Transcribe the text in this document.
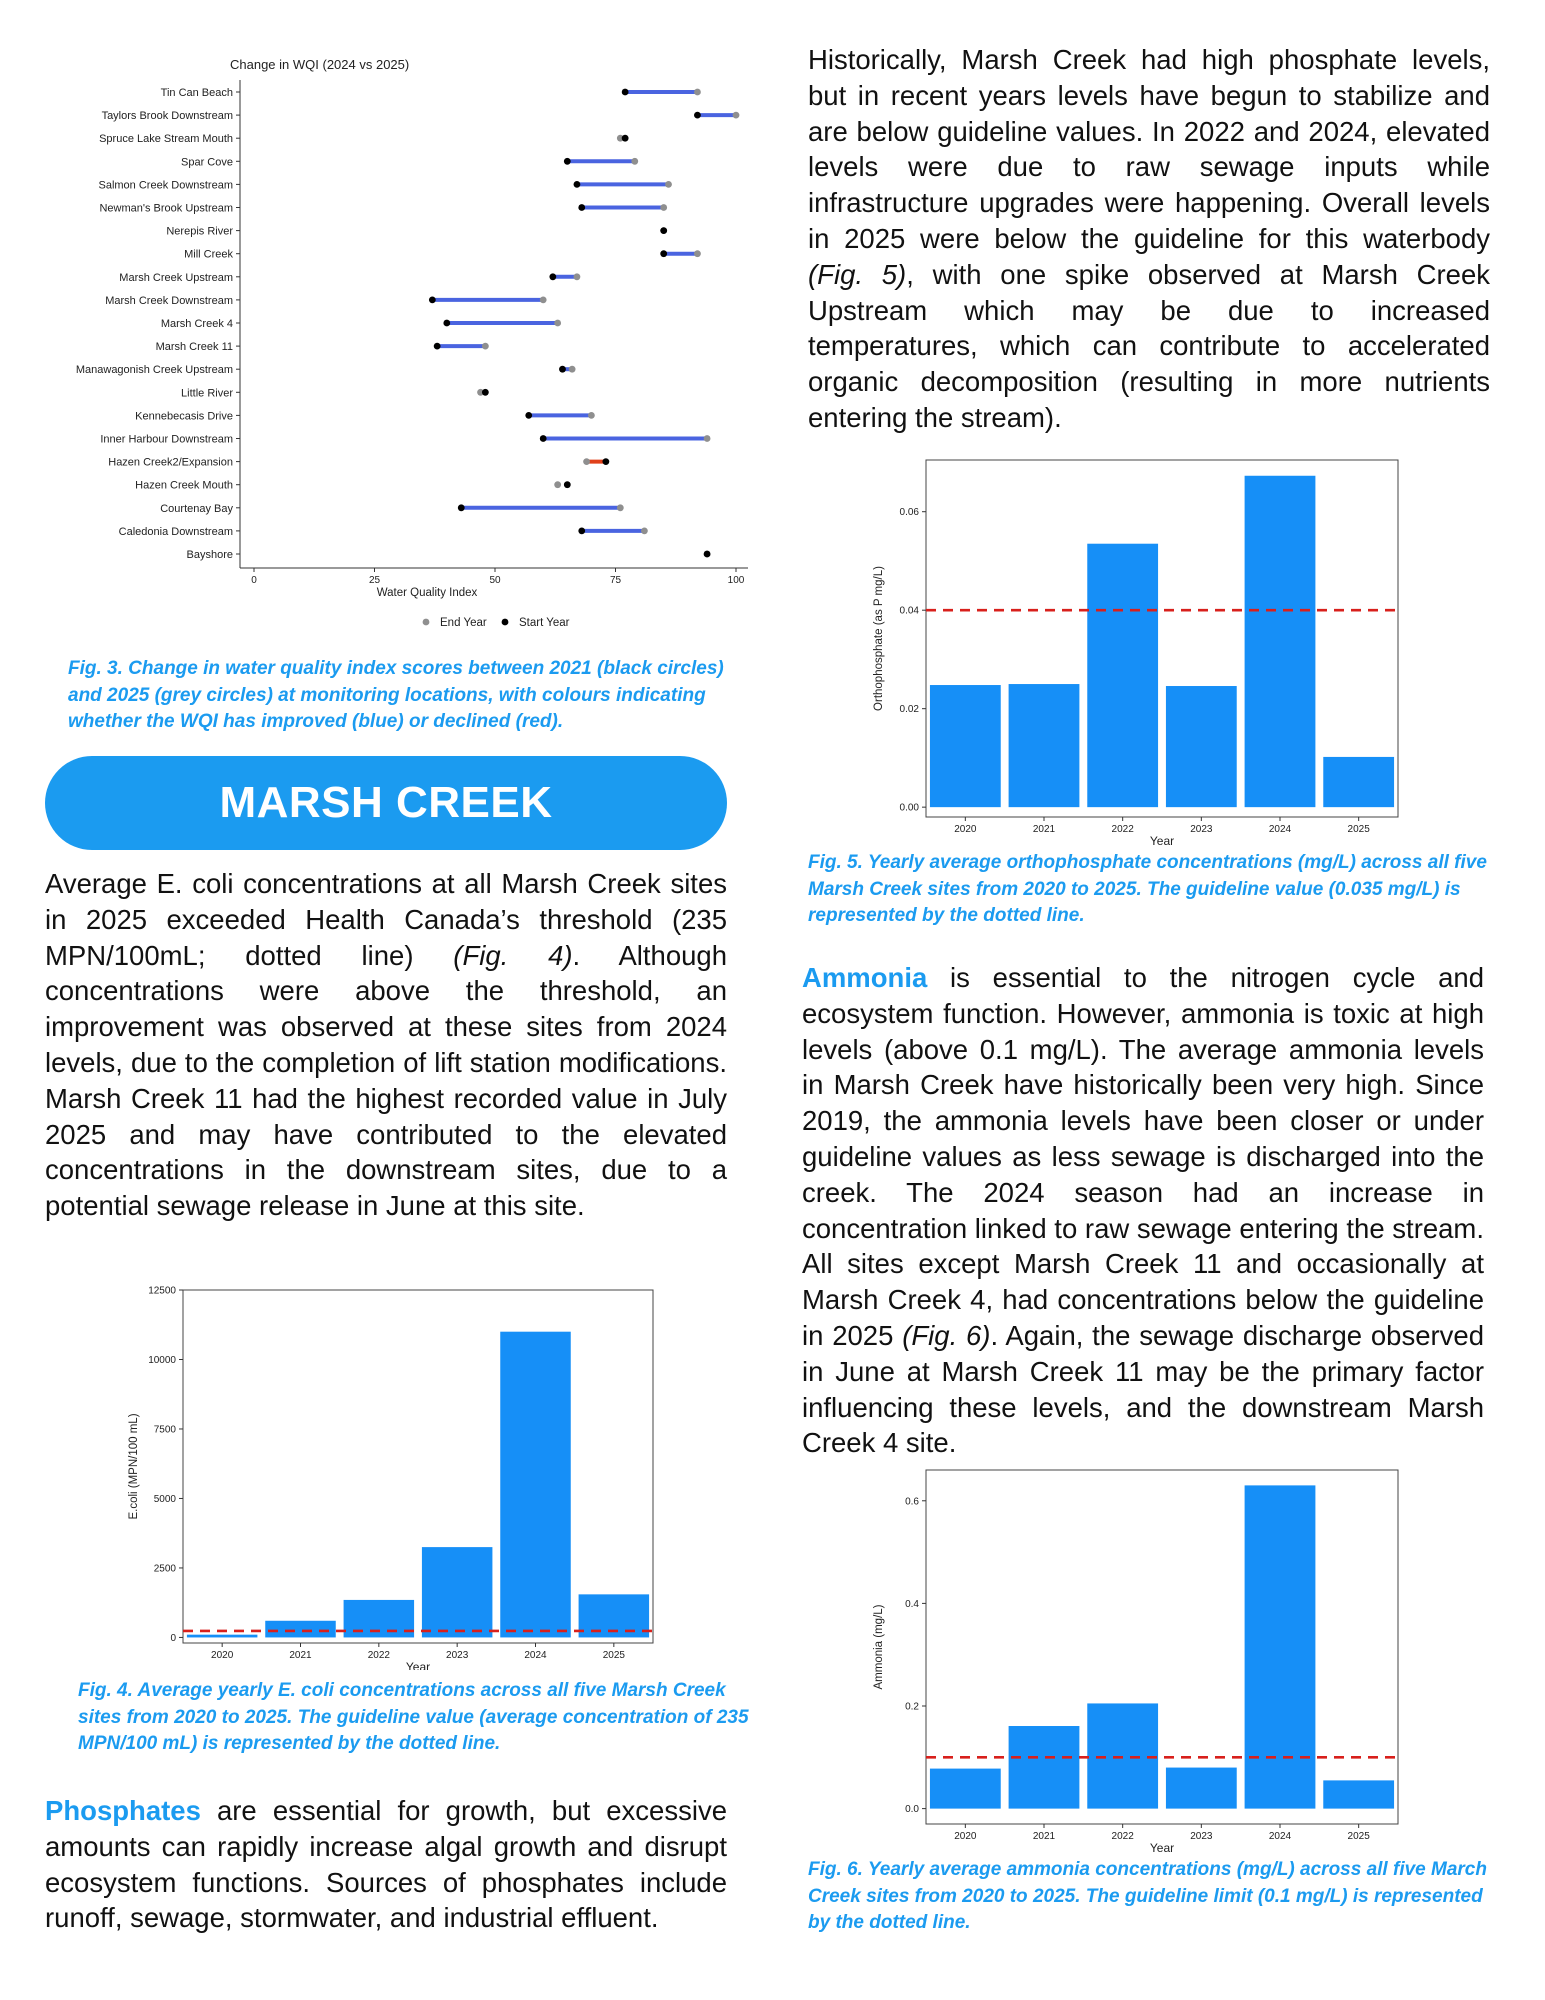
Change in WQI (2024 vs 2025)
Tin Can Beach
Taylors Brook Downstream
Spruce Lake Stream Mouth
Spar Cove
Salmon Creek Downstream
Newman's Brook Upstream
Nerepis River
Mill Creek
Marsh Creek Upstream
Marsh Creek Downstream
Marsh Creek 4
Marsh Creek 11
Manawagonish Creek Upstream
Little River
Kennebecasis Drive
Inner Harbour Downstream
Hazen Creek2/Expansion
Hazen Creek Mouth
Courtenay Bay
Caledonia Downstream
Bayshore
0	25	50	75	100
Water Quality Index
End Year	Start Year

Fig. 3. Change in water quality index scores between 2021 (black circles) and 2025 (grey circles) at monitoring locations, with colours indicating whether the WQI has improved (blue) or declined (red).

MARSH CREEK

Average E. coli concentrations at all Marsh Creek sites in 2025 exceeded Health Canada’s threshold (235 MPN/100mL; dotted line) (Fig. 4). Although concentrations were above the threshold, an improvement was observed at these sites from 2024 levels, due to the completion of lift station modifications. Marsh Creek 11 had the highest recorded value in July 2025 and may have contributed to the elevated concentrations in the downstream sites, due to a potential sewage release in June at this site.

0
2500
5000
7500
10000
12500
2020	2021	2022	2023	2024	2025
Year
E.coli (MPN/100 mL)

Fig. 4. Average yearly E. coli concentrations across all five Marsh Creek sites from 2020 to 2025. The guideline value (average concentration of 235 MPN/100 mL) is represented by the dotted line.

Phosphates are essential for growth, but excessive amounts can rapidly increase algal growth and disrupt ecosystem functions. Sources of phosphates include runoff, sewage, stormwater, and industrial effluent.

Historically, Marsh Creek had high phosphate levels, but in recent years levels have begun to stabilize and are below guideline values. In 2022 and 2024, elevated levels were due to raw sewage inputs while infrastructure upgrades were happening. Overall levels in 2025 were below the guideline for this waterbody (Fig. 5), with one spike observed at Marsh Creek Upstream which may be due to increased temperatures, which can contribute to accelerated organic decomposition (resulting in more nutrients entering the stream).

0.00
0.02
0.04
0.06
2020	2021	2022	2023	2024	2025
Year
Orthophosphate (as P mg/L)

Fig. 5. Yearly average orthophosphate concentrations (mg/L) across all five Marsh Creek sites from 2020 to 2025. The guideline value (0.035 mg/L) is represented by the dotted line.

Ammonia is essential to the nitrogen cycle and ecosystem function. However, ammonia is toxic at high levels (above 0.1 mg/L). The average ammonia levels in Marsh Creek have historically been very high. Since 2019, the ammonia levels have been closer or under guideline values as less sewage is discharged into the creek. The 2024 season had an increase in concentration linked to raw sewage entering the stream. All sites except Marsh Creek 11 and occasionally at Marsh Creek 4, had concentrations below the guideline in 2025 (Fig. 6). Again, the sewage discharge observed in June at Marsh Creek 11 may be the primary factor influencing these levels, and the downstream Marsh Creek 4 site.

0.0
0.2
0.4
0.6
2020	2021	2022	2023	2024	2025
Year
Ammonia (mg/L)

Fig. 6. Yearly average ammonia concentrations (mg/L) across all five March Creek sites from 2020 to 2025. The guideline limit (0.1 mg/L) is represented by the dotted line.
